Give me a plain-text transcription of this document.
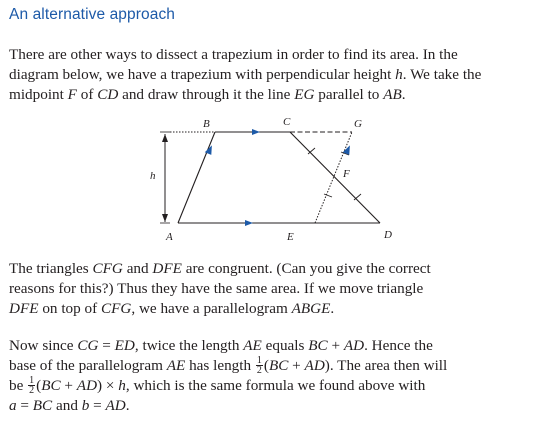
An alternative approach

There are other ways to dissect a trapezium in order to find its area. In the
diagram below, we have a trapezium with perpendicular height h. We take the
midpoint F of CD and draw through it the line EG parallel to AB.

B	C	G
h	F
A	E	D

The triangles CFG and DFE are congruent. (Can you give the correct
reasons for this?) Thus they have the same area. If we move triangle
DFE on top of CFG, we have a parallelogram ABGE.

Now since CG = ED, twice the length AE equals BC + AD. Hence the
base of the parallelogram AE has length $\frac{1}{2} (BC + AD)$. The area then will
be $\frac{1}{2} (BC + AD) \times h$, which is the same formula we found above with
a = BC and b = AD.
